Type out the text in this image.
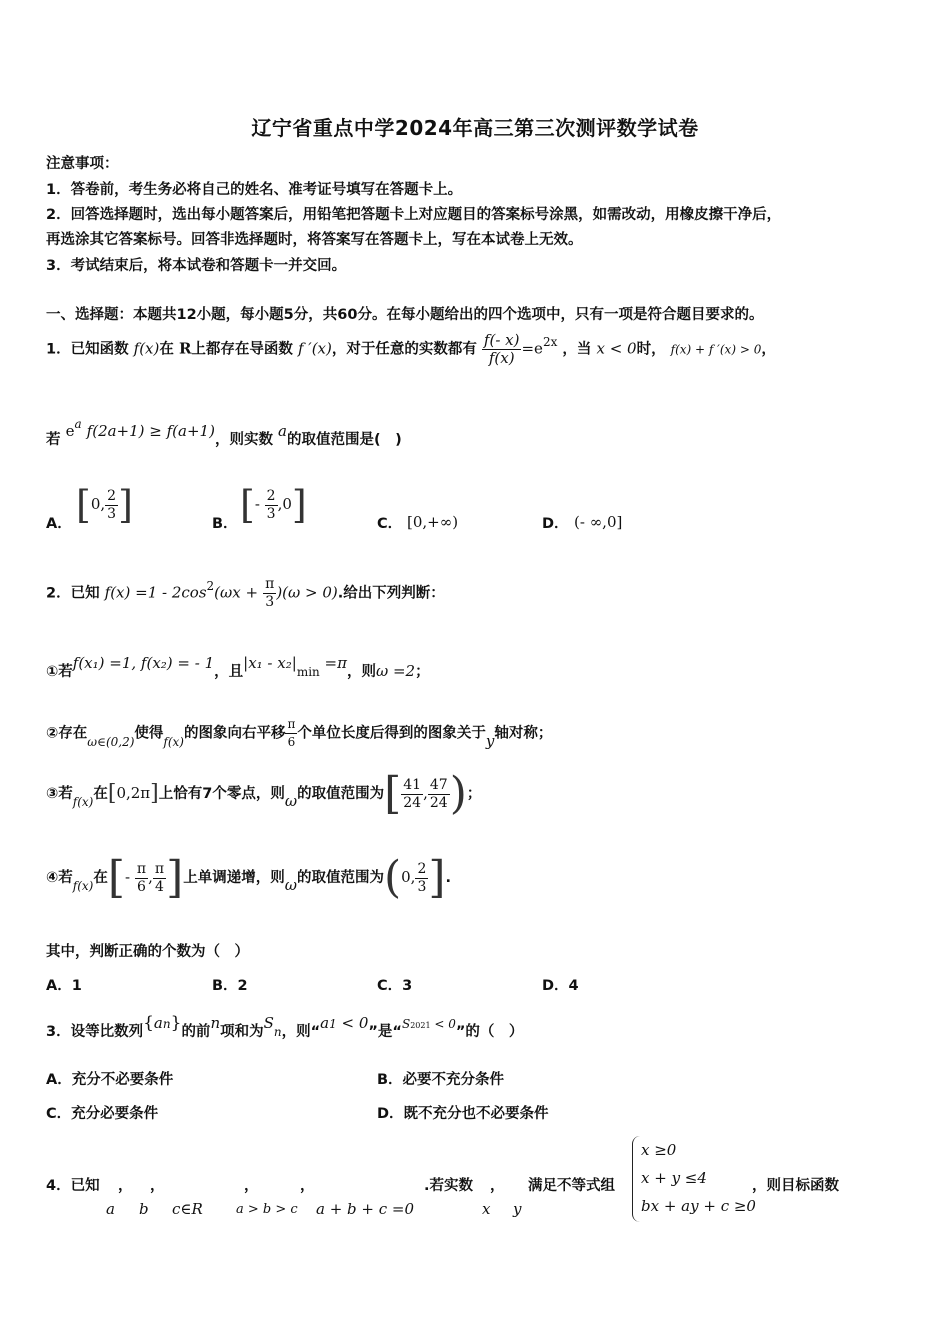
辽宁省重点中学2024年高三第三次测评数学试卷
注意事项：
1．答卷前，考生务必将自己的姓名、准考证号填写在答题卡上。
2．回答选择题时，选出每小题答案后，用铅笔把答题卡上对应题目的答案标号涂黑，如需改动，用橡皮擦干净后，
再选涂其它答案标号。回答非选择题时，将答案写在答题卡上，写在本试卷上无效。
3．考试结束后，将本试卷和答题卡一并交回。
一、选择题：本题共12小题，每小题5分，共60分。在每小题给出的四个选项中，只有一项是符合题目要求的。
1．已知函数 f(x)在 R上都存在导函数 f ′(x)，对于任意的实数都有 $\frac{f(- x)}{f(x)} =e^{2x}$ ，当 x < 0时， f(x) + f ′(x) > 0，
若 $e^a$ f(2a+1) ≥ f(a+1)，则实数 a的取值范围是(　)
A． [0, $\frac{2}{3}$ ]	B． [- $\frac{2}{3} ,0$]	C． [0,+∞)	D． (- ∞,0]
2．已知 $f(x) =1 - 2\cos^2(\omega x + \frac{\pi}{3} )(\omega > 0)$.给出下列判断：
①若f(x₁) =1, f(x₂) = - 1，且|x₁ - x₂|min =π，则ω =2；
②存在$_{\omega\in(0,2)}$使得$_{f(x)}$的图象向右平移 $\frac{\pi}{6}$ 个单位长度后得到的图象关于y轴对称；
③若$_{f(x)}$在[0,2π]上恰有7个零点，则ω的取值范围为[ $\frac{41}{24}$ , $\frac{47}{24}$ )；
④若$_{f(x)}$在[- $\frac{\pi}{6}$ , $\frac{\pi}{4}$ ]上单调递增，则ω的取值范围为(0, $\frac{2}{3}$ ].
其中，判断正确的个数为（　）
A．1	B．2	C．3	D．4
3．设等比数列$\{a^n\}$的前n项和为Sn，则“$a^1 < 0$”是“$^{S2021}$ $^{< 0}$”的（　）
A．充分不必要条件	B．必要不充分条件
C．充分必要条件	D．既不充分也不必要条件
4．已知 ， ，	，	，	.若实数 ， 满足不等式组
a b c∈R	a > b > c a + b + c =0	x y
x ≥0
x + y ≤4
bx + ay + c ≥0
，则目标函数
